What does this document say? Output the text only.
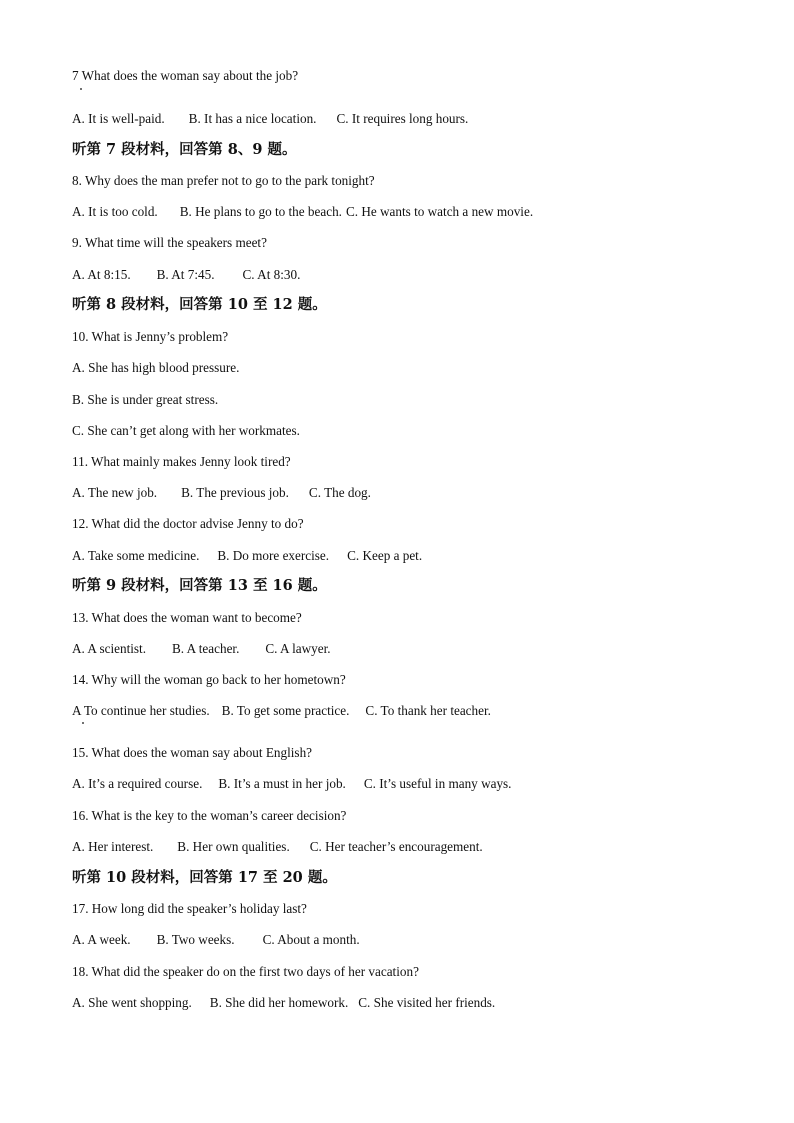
7 What does the woman say about the job?
A. It is well-paid. B. It has a nice location. C. It requires long hours.
听第 7 段材料，回答第 8、9 题。
8. Why does the man prefer not to go to the park tonight?
A. It is too cold. B. He plans to go to the beach. C. He wants to watch a new movie.
9. What time will the speakers meet?
A. At 8:15. B. At 7:45. C. At 8:30.
听第 8 段材料，回答第 10 至 12 题。
10. What is Jenny’s problem?
A. She has high blood pressure.
B. She is under great stress.
C. She can’t get along with her workmates.
11. What mainly makes Jenny look tired?
A. The new job. B. The previous job. C. The dog.
12. What did the doctor advise Jenny to do?
A. Take some medicine. B. Do more exercise. C. Keep a pet.
听第 9 段材料，回答第 13 至 16 题。
13. What does the woman want to become?
A. A scientist. B. A teacher. C. A lawyer.
14. Why will the woman go back to her hometown?
A To continue her studies. B. To get some practice. C. To thank her teacher.
15. What does the woman say about English?
A. It’s a required course. B. It’s a must in her job. C. It’s useful in many ways.
16. What is the key to the woman’s career decision?
A. Her interest. B. Her own qualities. C. Her teacher’s encouragement.
听第 10 段材料，回答第 17 至 20 题。
17. How long did the speaker’s holiday last?
A. A week. B. Two weeks. C. About a month.
18. What did the speaker do on the first two days of her vacation?
A. She went shopping. B. She did her homework. C. She visited her friends.
